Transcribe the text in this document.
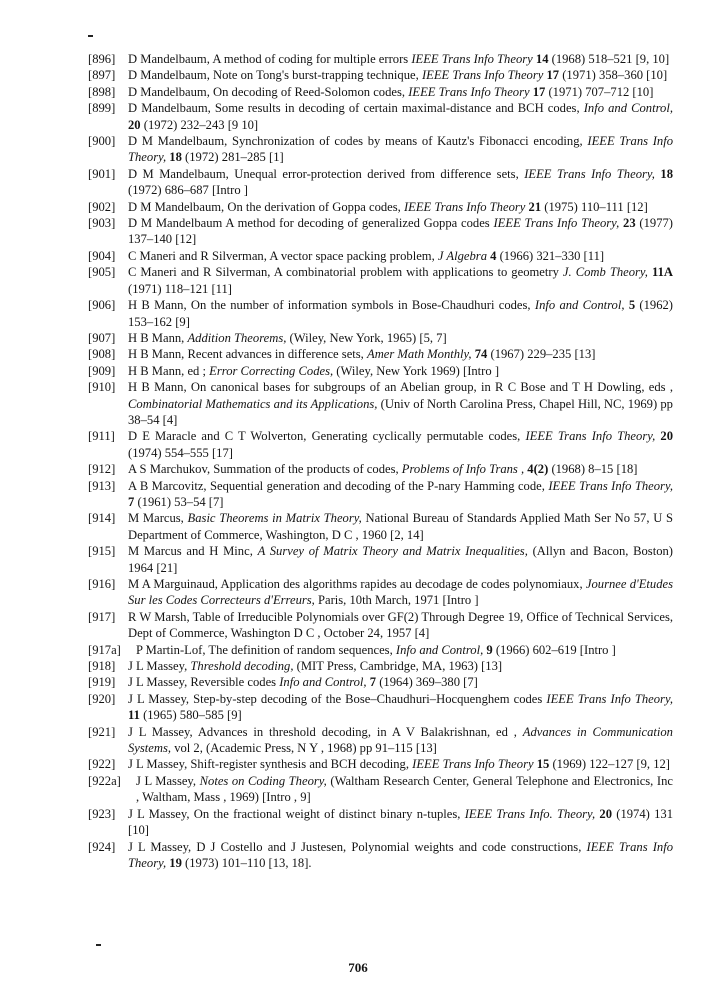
[896] D Mandelbaum, A method of coding for multiple errors IEEE Trans Info Theory 14 (1968) 518–521 [9, 10]
[897] D Mandelbaum, Note on Tong's burst-trapping technique, IEEE Trans Info Theory 17 (1971) 358–360 [10]
[898] D Mandelbaum, On decoding of Reed-Solomon codes, IEEE Trans Info Theory 17 (1971) 707–712 [10]
[899] D Mandelbaum, Some results in decoding of certain maximal-distance and BCH codes, Info and Control, 20 (1972) 232–243 [9 10]
[900] D M Mandelbaum, Synchronization of codes by means of Kautz's Fibonacci encoding, IEEE Trans Info Theory, 18 (1972) 281–285 [1]
[901] D M Mandelbaum, Unequal error-protection derived from difference sets, IEEE Trans Info Theory, 18 (1972) 686–687 [Intro ]
[902] D M Mandelbaum, On the derivation of Goppa codes, IEEE Trans Info Theory 21 (1975) 110–111 [12]
[903] D M Mandelbaum A method for decoding of generalized Goppa codes IEEE Trans Info Theory, 23 (1977) 137–140 [12]
[904] C Maneri and R Silverman, A vector space packing problem, J Algebra 4 (1966) 321–330 [11]
[905] C Maneri and R Silverman, A combinatorial problem with applications to geometry J. Comb Theory, 11A (1971) 118–121 [11]
[906] H B Mann, On the number of information symbols in Bose-Chaudhuri codes, Info and Control, 5 (1962) 153–162 [9]
[907] H B Mann, Addition Theorems, (Wiley, New York, 1965) [5, 7]
[908] H B Mann, Recent advances in difference sets, Amer Math Monthly, 74 (1967) 229–235 [13]
[909] H B Mann, ed ; Error Correcting Codes, (Wiley, New York 1969) [Intro ]
[910] H B Mann, On canonical bases for subgroups of an Abelian group, in R C Bose and T H Dowling, eds , Combinatorial Mathematics and its Applications, (Univ of North Carolina Press, Chapel Hill, NC, 1969) pp 38–54 [4]
[911] D E Maracle and C T Wolverton, Generating cyclically permutable codes, IEEE Trans Info Theory, 20 (1974) 554–555 [17]
[912] A S Marchukov, Summation of the products of codes, Problems of Info Trans , 4(2) (1968) 8–15 [18]
[913] A B Marcovitz, Sequential generation and decoding of the P-nary Hamming code, IEEE Trans Info Theory, 7 (1961) 53–54 [7]
[914] M Marcus, Basic Theorems in Matrix Theory, National Bureau of Standards Applied Math Ser No 57, U S Department of Commerce, Washington, D C , 1960 [2, 14]
[915] M Marcus and H Minc, A Survey of Matrix Theory and Matrix Inequalities, (Allyn and Bacon, Boston) 1964 [21]
[916] M A Marguinaud, Application des algorithms rapides au decodage de codes polynomiaux, Journee d'Etudes Sur les Codes Correcteurs d'Erreurs, Paris, 10th March, 1971 [Intro ]
[917] R W Marsh, Table of Irreducible Polynomials over GF(2) Through Degree 19, Office of Technical Services, Dept of Commerce, Washington D C , October 24, 1957 [4]
[917a] P Martin-Lof, The definition of random sequences, Info and Control, 9 (1966) 602–619 [Intro ]
[918] J L Massey, Threshold decoding, (MIT Press, Cambridge, MA, 1963) [13]
[919] J L Massey, Reversible codes Info and Control, 7 (1964) 369–380 [7]
[920] J L Massey, Step-by-step decoding of the Bose–Chaudhuri–Hocquenghem codes IEEE Trans Info Theory, 11 (1965) 580–585 [9]
[921] J L Massey, Advances in threshold decoding, in A V Balakrishnan, ed , Advances in Communication Systems, vol 2, (Academic Press, N Y , 1968) pp 91–115 [13]
[922] J L Massey, Shift-register synthesis and BCH decoding, IEEE Trans Info Theory 15 (1969) 122–127 [9, 12]
[922a] J L Massey, Notes on Coding Theory, (Waltham Research Center, General Telephone and Electronics, Inc , Waltham, Mass , 1969) [Intro , 9]
[923] J L Massey, On the fractional weight of distinct binary n-tuples, IEEE Trans Info. Theory, 20 (1974) 131 [10]
[924] J L Massey, D J Costello and J Justesen, Polynomial weights and code constructions, IEEE Trans Info Theory, 19 (1973) 101–110 [13, 18].
706
